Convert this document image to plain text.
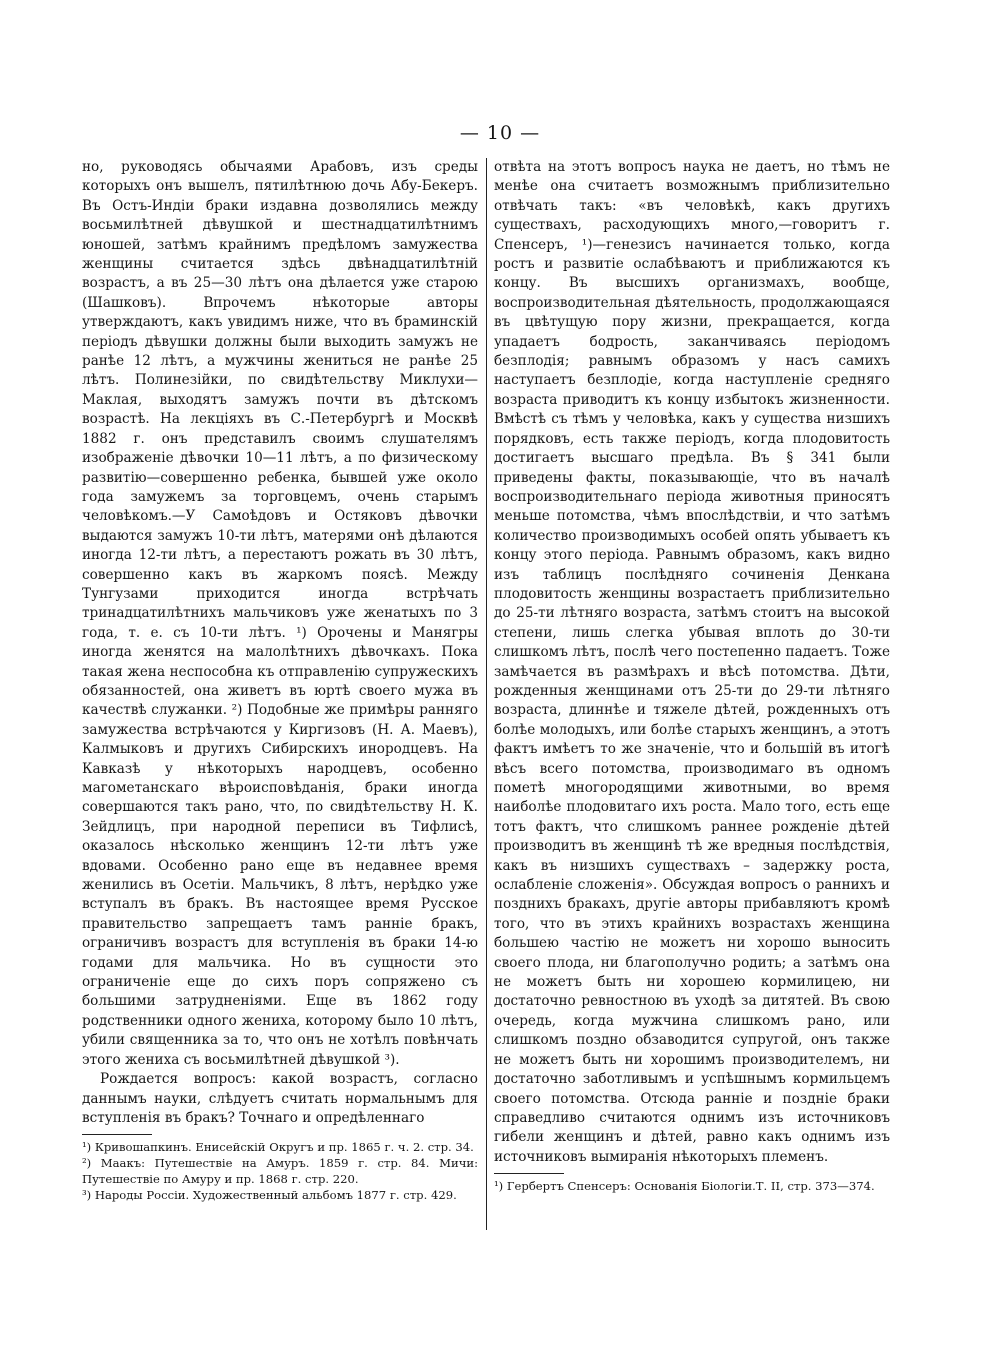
— 10 —

но, руководясь обычаями Арабовъ, изъ среды которыхъ онъ вышелъ, пятилѣтнюю дочь Абу-Бекеръ. Въ Остъ-Индіи браки издавна дозволялись между восьмилѣтней дѣвушкой и шестнадцатилѣтнимъ юношей, затѣмъ крайнимъ предѣломъ замужества женщины считается здѣсь двѣнадцатилѣтній возрастъ, а въ 25—30 лѣтъ она дѣлается уже старою (Шашковъ). Впрочемъ нѣкоторые авторы утверждаютъ, какъ увидимъ ниже, что въ браминскій періодъ дѣвушки должны были выходить замужъ не ранѣе 12 лѣтъ, а мужчины жениться не ранѣе 25 лѣтъ. Полинезійки, по свидѣтельству Миклухи—Маклая, выходятъ замужъ почти въ дѣтскомъ возрастѣ. На лекціяхъ въ С.-Петербургѣ и Москвѣ 1882 г. онъ представилъ своимъ слушателямъ изображеніе дѣвочки 10—11 лѣтъ, а по физическому развитію—совершенно ребенка, бывшей уже около года замужемъ за торговцемъ, очень старымъ человѣкомъ.—У Самоѣдовъ и Остяковъ дѣвочки выдаются замужъ 10-ти лѣтъ, матерями онѣ дѣлаются иногда 12-ти лѣтъ, а перестаютъ рожать въ 30 лѣтъ, совершенно какъ въ жаркомъ поясѣ. Между Тунгузами приходится иногда встрѣчать тринадцатилѣтнихъ мальчиковъ уже женатыхъ по 3 года, т. е. съ 10-ти лѣтъ. ¹) Орочены и Манягры иногда женятся на малолѣтнихъ дѣвочкахъ. Пока такая жена неспособна къ отправленію супружескихъ обязанностей, она живетъ въ юртѣ своего мужа въ качествѣ служанки. ²) Подобные же примѣры ранняго замужества встрѣчаются у Киргизовъ (Н. А. Маевъ), Калмыковъ и другихъ Сибирскихъ инородцевъ. На Кавказѣ у нѣкоторыхъ народцевъ, особенно магометанскаго вѣроисповѣданія, браки иногда совершаются такъ рано, что, по свидѣтельству Н. К. Зейдлицъ, при народной переписи въ Тифлисѣ, оказалось нѣсколько женщинъ 12-ти лѣтъ уже вдовами. Особенно рано еще въ недавнее время женились въ Осетіи. Мальчикъ, 8 лѣтъ, нерѣдко уже вступалъ въ бракъ. Въ настоящее время Русское правительство запрещаетъ тамъ ранніе бракъ, ограничивъ возрастъ для вступленія въ браки 14-ю годами для мальчика. Но въ сущности это ограниченіе еще до сихъ поръ сопряжено съ большими затрудненіями. Еще въ 1862 году родственники одного жениха, которому было 10 лѣтъ, убили священника за то, что онъ не хотѣлъ повѣнчать этого жениха съ восьмилѣтней дѣвушкой ³).

Рождается вопросъ: какой возрастъ, согласно даннымъ науки, слѣдуетъ считать нормальнымъ для вступленія въ бракъ? Точнаго и опредѣленнаго

¹) Кривошапкинъ. Енисейскій Округъ и пр. 1865 г. ч. 2. стр. 34.

²) Маакъ: Путешествіе на Амуръ. 1859 г. стр. 84. Мичи: Путешествіе по Амуру и пр. 1868 г. стр. 220.

³) Народы Россіи. Художественный альбомъ 1877 г. стр. 429.

отвѣта на этотъ вопросъ наука не даетъ, но тѣмъ не менѣе она считаетъ возможнымъ приблизительно отвѣчать такъ: «въ человѣкѣ, какъ другихъ существахъ, расходующихъ много,—говоритъ г. Спенсеръ, ¹)—генезисъ начинается только, когда ростъ и развитіе ослабѣваютъ и приближаются къ концу. Въ высшихъ организмахъ, вообще, воспроизводительная дѣятельность, продолжающаяся въ цвѣтущую пору жизни, прекращается, когда упадаетъ бодрость, заканчиваясь періодомъ безплодія; равнымъ образомъ у насъ самихъ наступаетъ безплодіе, когда наступленіе средняго возраста приводитъ къ концу избытокъ жизненности. Вмѣстѣ съ тѣмъ у человѣка, какъ у существа низшихъ порядковъ, есть также періодъ, когда плодовитость достигаетъ высшаго предѣла. Въ § 341 были приведены факты, показывающіе, что въ началѣ воспроизводительнаго періода животныя приносятъ меньше потомства, чѣмъ впослѣдствіи, и что затѣмъ количество производимыхъ особей опять убываетъ къ концу этого періода. Равнымъ образомъ, какъ видно изъ таблицъ послѣдняго сочиненія Денкана плодовитость женщины возрастаетъ приблизительно до 25-ти лѣтняго возраста, затѣмъ стоитъ на высокой степени, лишь слегка убывая вплоть до 30-ти слишкомъ лѣтъ, послѣ чего постепенно падаетъ. Тоже замѣчается въ размѣрахъ и вѣсѣ потомства. Дѣти, рожденныя женщинами отъ 25-ти до 29-ти лѣтняго возраста, длиннѣе и тяжеле дѣтей, рожденныхъ отъ болѣе молодыхъ, или болѣе старыхъ женщинъ, а этотъ фактъ имѣетъ то же значеніе, что и большій въ итогѣ вѣсъ всего потомства, производимаго въ одномъ пометѣ многородящими животными, во время наиболѣе плодовитаго ихъ роста. Мало того, есть еще тотъ фактъ, что слишкомъ раннее рожденіе дѣтей производитъ въ женщинѣ тѣ же вредныя послѣдствія, какъ въ низшихъ существахъ – задержку роста, ослабленіе сложенія». Обсуждая вопросъ о раннихъ и позднихъ бракахъ, другіе авторы прибавляютъ кромѣ того, что въ этихъ крайнихъ возрастахъ женщина большею частію не можетъ ни хорошо выносить своего плода, ни благополучно родить; а затѣмъ она не можетъ быть ни хорошею кормилицею, ни достаточно ревностною въ уходѣ за дитятей. Въ свою очередь, когда мужчина слишкомъ рано, или слишкомъ поздно обзаводится супругой, онъ также не можетъ быть ни хорошимъ производителемъ, ни достаточно заботливымъ и успѣшнымъ кормильцемъ своего потомства. Отсюда ранніе и поздніе браки справедливо считаются однимъ изъ источниковъ гибели женщинъ и дѣтей, равно какъ однимъ изъ источниковъ вымиранія нѣкоторыхъ племенъ.

¹) Гербертъ Спенсеръ: Основанія Біологіи.Т. II, стр. 373—374.
